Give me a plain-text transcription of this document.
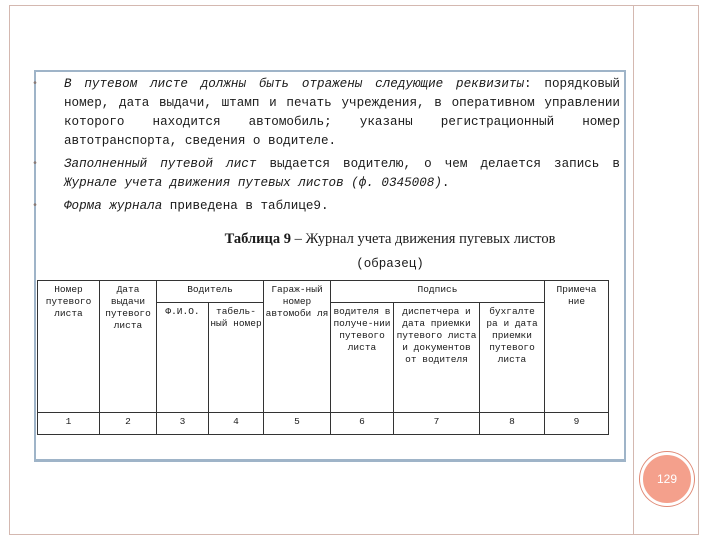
• В путевом листе должны быть отражены следующие реквизиты: порядковый номер, дата выдачи, штамп и печать учреждения, в оперативном управлении которого находится автомобиль; указаны регистрационный номер автотранспорта, сведения о водителе.
• Заполненный путевой лист выдается водителю, о чем делается запись в Журнале учета движения путевых листов (ф. 0345008).
• Форма журнала приведена в таблице9.
Таблица 9 – Журнал учета движения пугевых листов
(образец)
Номер путевого листа	Дата выдачи путевого листа	Водитель		Гараж-ный номер автомоби ля	Подпись			Примеча ние
		Ф.И.О.	табель-ный номер		водителя в получе-нии путевого листа	диспетчера и дата приемки путевого листа и документов от водителя	бухгалте ра и дата приемки путевого листа	
1	2	3	4	5	6	7	8	9
129
